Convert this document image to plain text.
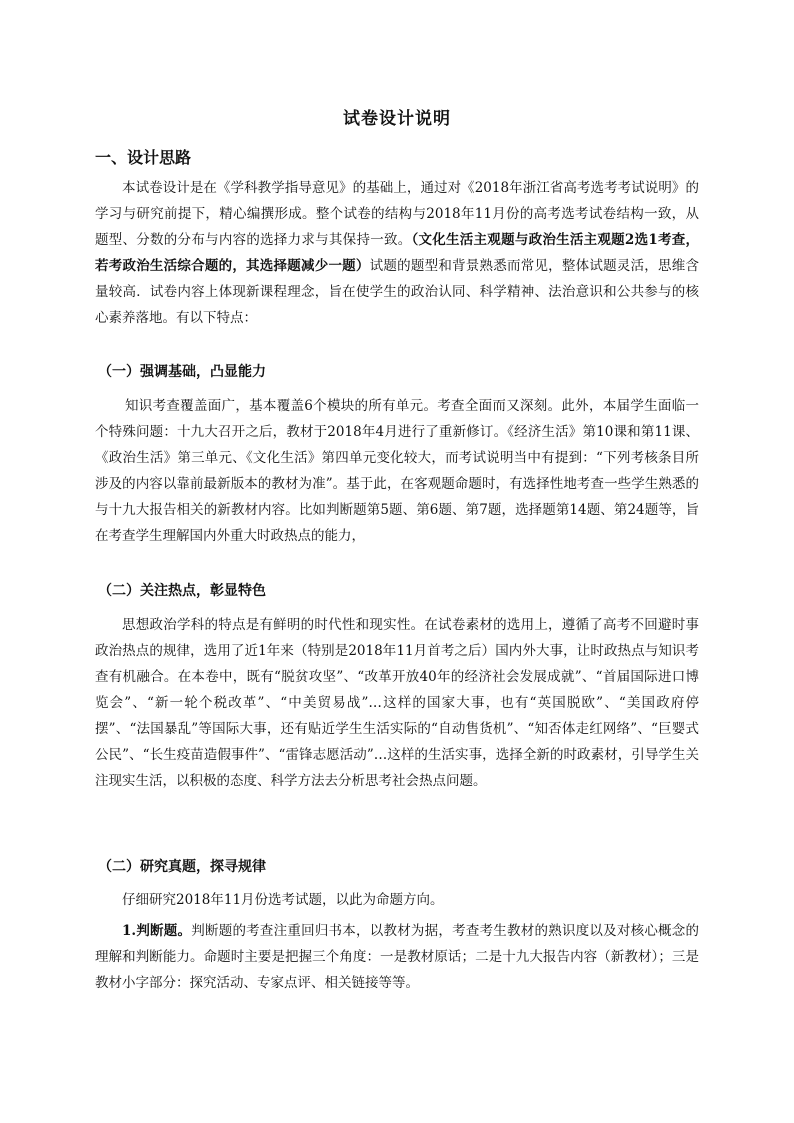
试卷设计说明
一、设计思路

本试卷设计是在《学科教学指导意见》的基础上，通过对《2018年浙江省高考选考考试说明》的学习与研究前提下，精心编撰形成。整个试卷的结构与2018年11月份的高考选考试卷结构一致，从题型、分数的分布与内容的选择力求与其保持一致。（文化生活主观题与政治生活主观题2选1考查，若考政治生活综合题的，其选择题减少一题）试题的题型和背景熟悉而常见，整体试题灵活，思维含量较高．试卷内容上体现新课程理念，旨在使学生的政治认同、科学精神、法治意识和公共参与的核心素养落地。有以下特点：

（一）强调基础，凸显能力

知识考查覆盖面广，基本覆盖6个模块的所有单元。考查全面而又深刻。此外，本届学生面临一个特殊问题：十九大召开之后，教材于2018年4月进行了重新修订。《经济生活》第10课和第11课、《政治生活》第三单元、《文化生活》第四单元变化较大，而考试说明当中有提到：“下列考核条目所涉及的内容以靠前最新版本的教材为准”。基于此，在客观题命题时，有选择性地考查一些学生熟悉的与十九大报告相关的新教材内容。比如判断题第5题、第6题、第7题，选择题第14题、第24题等，旨在考查学生理解国内外重大时政热点的能力，

（二）关注热点，彰显特色

思想政治学科的特点是有鲜明的时代性和现实性。在试卷素材的选用上，遵循了高考不回避时事政治热点的规律，选用了近1年来（特别是2018年11月首考之后）国内外大事，让时政热点与知识考查有机融合。在本卷中，既有“脱贫攻坚”、“改革开放40年的经济社会发展成就”、“首届国际进口博览会”、“新一轮个税改革”、“中美贸易战”…这样的国家大事，也有“英国脱欧”、“美国政府停摆”、“法国暴乱”等国际大事，还有贴近学生生活实际的“自动售货机”、“知否体走红网络”、“巨婴式公民”、“长生疫苗造假事件”、“雷锋志愿活动”…这样的生活实事，选择全新的时政素材，引导学生关注现实生活，以积极的态度、科学方法去分析思考社会热点问题。

（二）研究真题，探寻规律

仔细研究2018年11月份选考试题，以此为命题方向。

1.判断题。判断题的考查注重回归书本，以教材为据，考查考生教材的熟识度以及对核心概念的理解和判断能力。命题时主要是把握三个角度：一是教材原话；二是十九大报告内容（新教材）；三是教材小字部分：探究活动、专家点评、相关链接等等。
